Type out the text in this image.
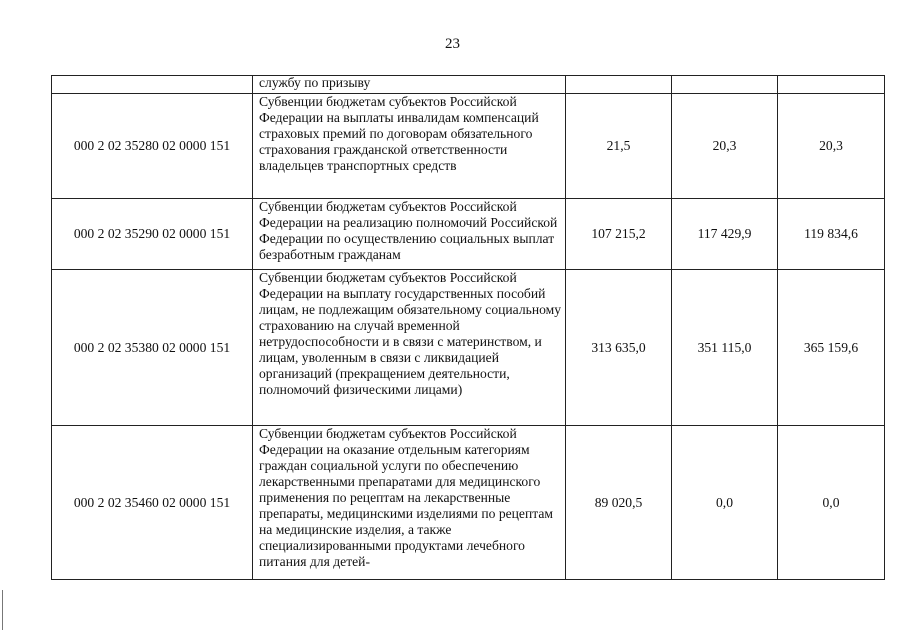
23

	службу по призыву			

000 2 02 35280 02 0000 151	Субвенции бюджетам субъектов Российской Федерации на выплаты инвалидам компенсаций страховых премий по договорам обязательного страхования гражданской ответственности владельцев транспортных средств	21,5	20,3	20,3
000 2 02 35290 02 0000 151	Субвенции бюджетам субъектов Российской Федерации на реализацию полномочий Российской Федерации по осуществлению социальных выплат безработным гражданам	107 215,2	117 429,9	119 834,6
000 2 02 35380 02 0000 151	Субвенции бюджетам субъектов Российской Федерации на выплату государственных пособий лицам, не подлежащим обязательному социальному страхованию на случай временной нетрудоспособности и в связи с материнством, и лицам, уволенным в связи с ликвидацией организаций (прекращением деятельности, полномочий физическими лицами)	313 635,0	351 115,0	365 159,6
000 2 02 35460 02 0000 151	Субвенции бюджетам субъектов Российской Федерации на оказание отдельным категориям граждан социальной услуги по обеспечению лекарственными препаратами для медицинского применения по рецептам на лекарственные препараты, медицинскими изделиями по рецептам на медицинские изделия, а также специализированными продуктами лечебного питания для детей-	89 020,5	0,0	0,0
